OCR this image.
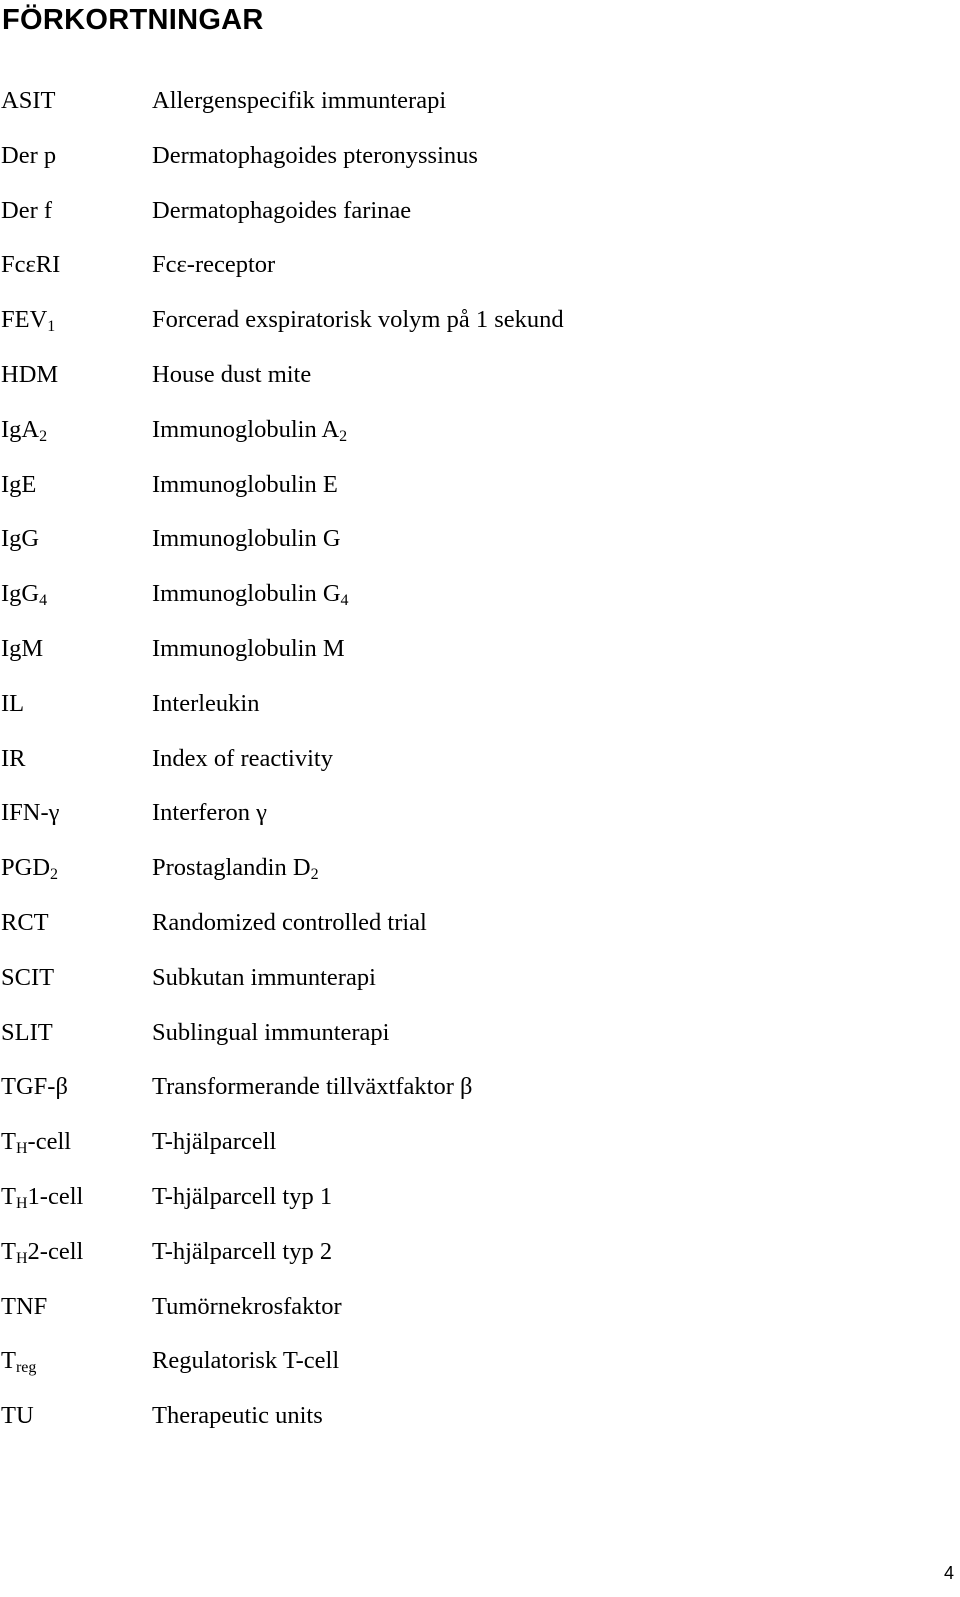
FÖRKORTNINGAR
ASIT	Allergenspecifik immunterapi
Der p	Dermatophagoides pteronyssinus
Der f	Dermatophagoides farinae
FcεRI	Fcε-receptor
$FEV_1$	Forcerad exspiratorisk volym på 1 sekund
HDM	House dust mite
IgA$_2$	Immunoglobulin $A_2$
IgE	Immunoglobulin E
IgG	Immunoglobulin G
IgG$_4$	Immunoglobulin $G_4$
IgM	Immunoglobulin M
IL	Interleukin
IR	Index of reactivity
IFN-γ	Interferon γ
$PGD_2$	Prostaglandin $D_2$
RCT	Randomized controlled trial
SCIT	Subkutan immunterapi
SLIT	Sublingual immunterapi
TGF-β	Transformerande tillväxtfaktor β
$T_H$-cell	T-hjälparcell
$T_H1$-cell	T-hjälparcell typ 1
$T_H2$-cell	T-hjälparcell typ 2
TNF	Tumörnekrosfaktor
$T_{reg}$	Regulatorisk T-cell
TU	Therapeutic units
4
